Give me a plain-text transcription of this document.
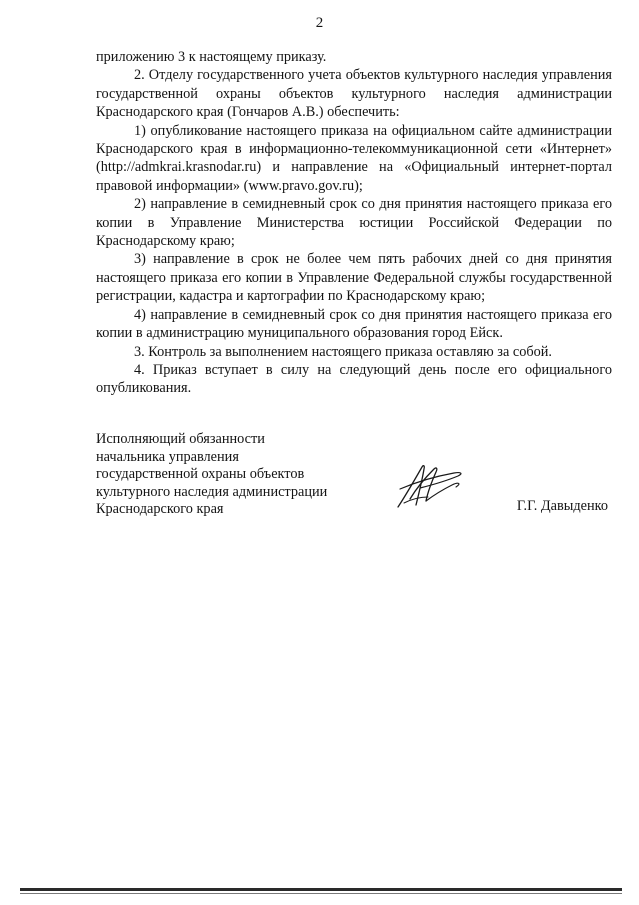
2

приложению 3 к настоящему приказу.

2. Отделу государственного учета объектов культурного наследия управления государственной охраны объектов культурного наследия администрации Краснодарского края (Гончаров А.В.) обеспечить:

1) опубликование настоящего приказа на официальном сайте администрации Краснодарского края в информационно-телекоммуникационной сети «Интернет» (http://admkrai.krasnodar.ru) и направление на «Официальный интернет-портал правовой информации» (www.pravo.gov.ru);

2) направление в семидневный срок со дня принятия настоящего приказа его копии в Управление Министерства юстиции Российской Федерации по Краснодарскому краю;

3) направление в срок не более чем пять рабочих дней со дня принятия настоящего приказа его копии в Управление Федеральной службы государственной регистрации, кадастра и картографии по Краснодарскому краю;

4) направление в семидневный срок со дня принятия настоящего приказа его копии в администрацию муниципального образования город Ейск.

3. Контроль за выполнением настоящего приказа оставляю за собой.

4. Приказ вступает в силу на следующий день после его официального опубликования.

Исполняющий обязанности
начальника управления
государственной охраны объектов
культурного наследия администрации
Краснодарского края	Г.Г. Давыденко
